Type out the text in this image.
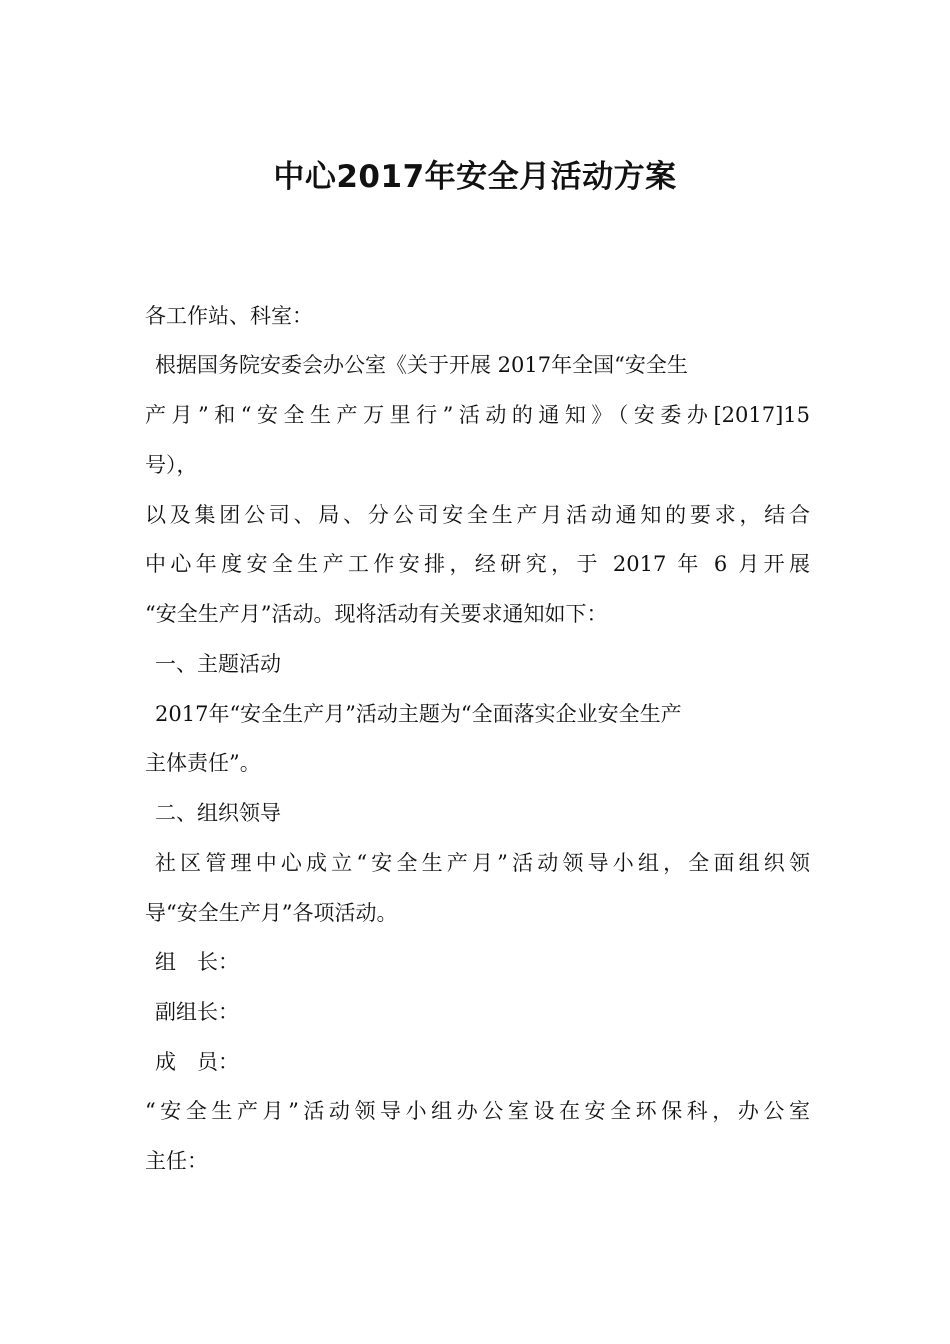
中心2017年安全月活动方案
各工作站、科室：
根据国务院安委会办公室《关于开展 2017年全国“安全生
产月”和“安全生产万里行”活动的通知》（安委办[2017]15
号），
以及集团公司、局、分公司安全生产月活动通知的要求，结合
中心年度安全生产工作安排，经研究，于 2017 年 6 月开展
“安全生产月”活动。现将活动有关要求通知如下：
一、主题活动
2017年“安全生产月”活动主题为“全面落实企业安全生产
主体责任”。
二、组织领导
社区管理中心成立“安全生产月”活动领导小组，全面组织领
导“安全生产月”各项活动。
组　长：
副组长：
成　员：
“安全生产月”活动领导小组办公室设在安全环保科，办公室
主任：
